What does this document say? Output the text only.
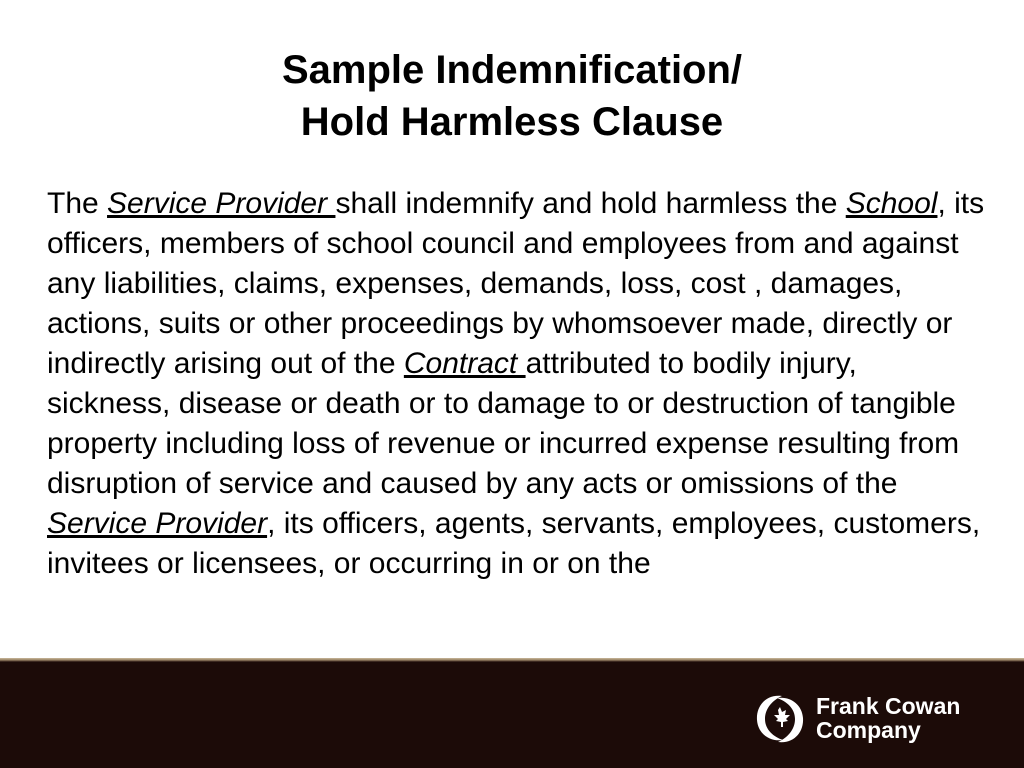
Sample Indemnification/
Hold Harmless Clause
The Service Provider shall indemnify and hold harmless the School, its officers, members of school council and employees from and against any liabilities, claims, expenses, demands, loss, cost , damages, actions, suits or other proceedings by whomsoever made, directly or indirectly arising out of the Contract attributed to bodily injury, sickness, disease or death or to damage to or destruction of tangible property including loss of revenue or incurred expense resulting from disruption of service and caused by any acts or omissions of the Service Provider, its officers, agents, servants, employees, customers, invitees or licensees, or occurring in or on the
Frank Cowan
Company
